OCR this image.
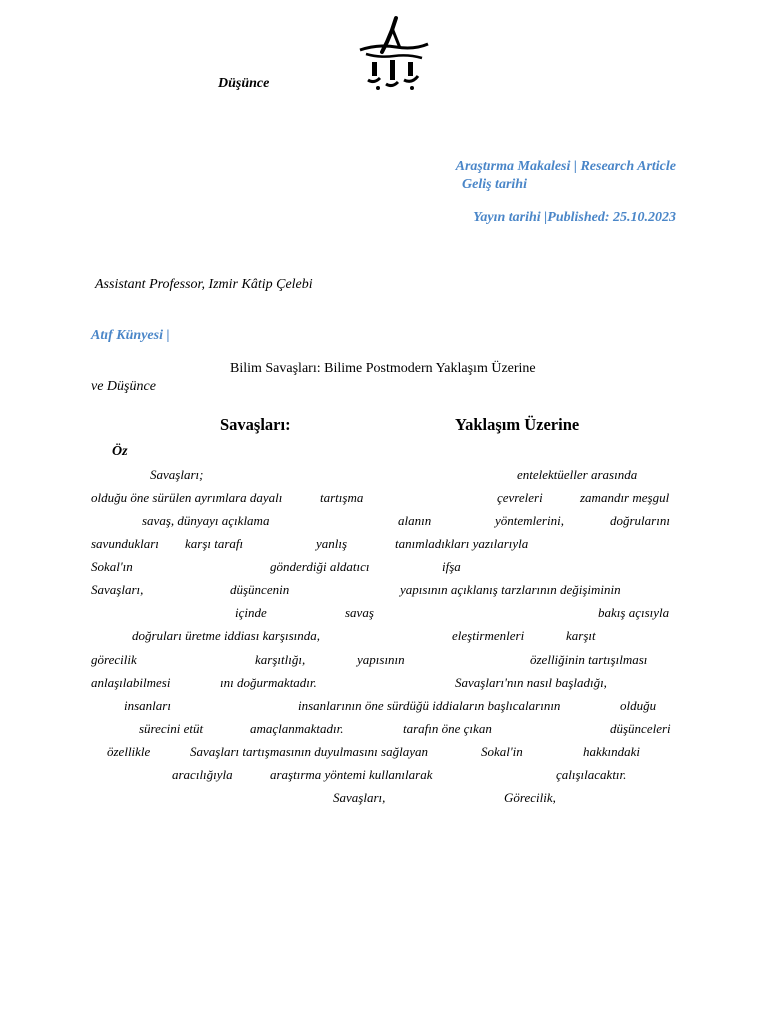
Düşünce
Araştırma Makalesi | Research Article
Geliş tarihi
Yayın tarihi |Published: 25.10.2023
Assistant Professor, Izmir Kâtip Çelebi
Atıf Künyesi |
Bilim Savaşları: Bilime Postmodern Yaklaşım Üzerine
ve Düşünce
Savaşları:	Yaklaşım Üzerine
Öz
Savaşları;	entelektüeller arasında
olduğu öne sürülen ayrımlara dayalı	tartışma	çevreleri	zamandır meşgul
savaş, dünyayı açıklama	alanın	yöntemlerini,	doğrularını
savundukları karşı tarafı	yanlış	tanımladıkları yazılarıyla
Sokal'ın	gönderdiği aldatıcı	ifşa
Savaşları,	düşüncenin	yapısının açıklanış tarzlarının değişiminin
içinde	savaş	bakış açısıyla
doğruları üretme iddiası karşısında,	eleştirmenleri	karşıt
görecilik	karşıtlığı,	yapısının	özelliğinin tartışılması
anlaşılabilmesi	ını doğurmaktadır.	Savaşları'nın nasıl başladığı,
insanları	insanlarının öne sürdüğü iddiaların başlıcalarının	olduğu
sürecini etüt	amaçlanmaktadır.	tarafın öne çıkan	düşünceleri
özellikle	Savaşları tartışmasının duyulmasını sağlayan	Sokal'in	hakkındaki
aracılığıyla	araştırma yöntemi kullanılarak	çalışılacaktır.
Savaşları,	Görecilik,
